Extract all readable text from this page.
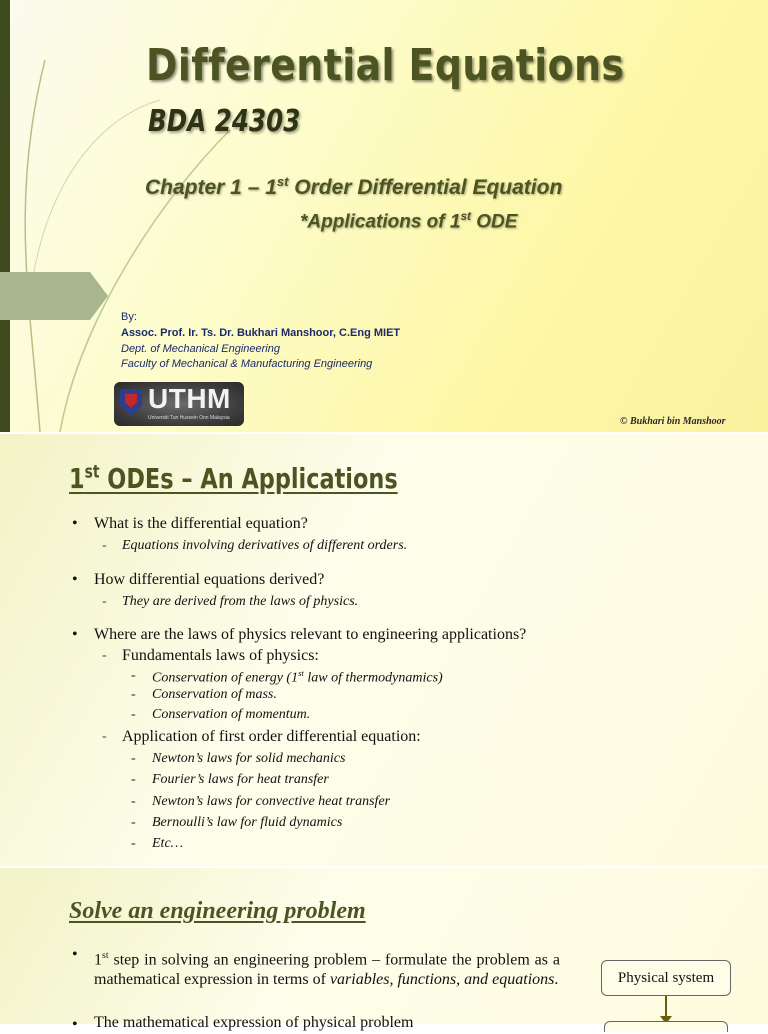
Differential Equations
BDA 24303
Chapter 1 – 1st Order Differential Equation
*Applications of 1st ODE
By:
Assoc. Prof. Ir. Ts. Dr. Bukhari Manshoor, C.Eng MIET
Dept. of Mechanical Engineering
Faculty of Mechanical & Manufacturing Engineering
UTHM
Universiti Tun Hussein Onn Malaysia	© Bukhari bin Manshoor
1st ODEs – An Applications
• What is the differential equation?
- Equations involving derivatives of different orders.
• How differential equations derived?
- They are derived from the laws of physics.
• Where are the laws of physics relevant to engineering applications?
- Fundamentals laws of physics:
- Conservation of energy (1st law of thermodynamics)
- Conservation of mass.
- Conservation of momentum.
- Application of first order differential equation:
- Newton’s laws for solid mechanics
- Fourier’s laws for heat transfer
- Newton’s laws for convective heat transfer
- Bernoulli’s law for fluid dynamics
- Etc…
Solve an engineering problem
• 1st step in solving an engineering problem – formulate the problem as a mathematical expression in terms of variables, functions, and equations.
• The mathematical expression of physical problem
Physical system
